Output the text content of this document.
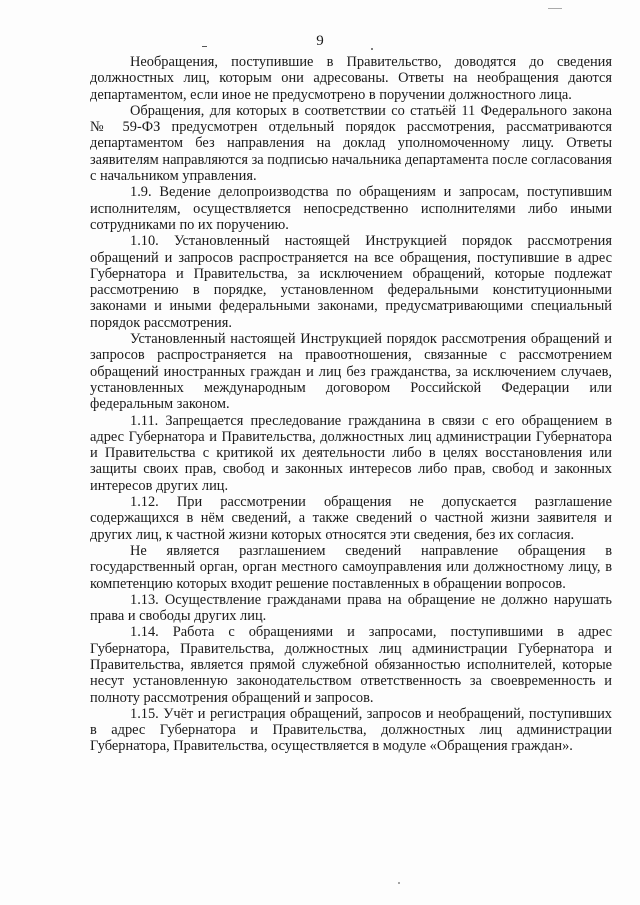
9

Необращения, поступившие в Правительство, доводятся до сведения должностных лиц, которым они адресованы. Ответы на необращения даются департаментом, если иное не предусмотрено в поручении должностного лица.

Обращения, для которых в соответствии со статьёй 11 Федерального закона № 59-ФЗ предусмотрен отдельный порядок рассмотрения, рассматриваются департаментом без направления на доклад уполномоченному лицу. Ответы заявителям направляются за подписью начальника департамента после согласования с начальником управления.

1.9. Ведение делопроизводства по обращениям и запросам, поступившим исполнителям, осуществляется непосредственно исполнителями либо иными сотрудниками по их поручению.

1.10. Установленный настоящей Инструкцией порядок рассмотрения обращений и запросов распространяется на все обращения, поступившие в адрес Губернатора и Правительства, за исключением обращений, которые подлежат рассмотрению в порядке, установленном федеральными конституционными законами и иными федеральными законами, предусматривающими специальный порядок рассмотрения.

Установленный настоящей Инструкцией порядок рассмотрения обращений и запросов распространяется на правоотношения, связанные с рассмотрением обращений иностранных граждан и лиц без гражданства, за исключением случаев, установленных международным договором Российской Федерации или федеральным законом.

1.11. Запрещается преследование гражданина в связи с его обращением в адрес Губернатора и Правительства, должностных лиц администрации Губернатора и Правительства с критикой их деятельности либо в целях восстановления или защиты своих прав, свобод и законных интересов либо прав, свобод и законных интересов других лиц.

1.12. При рассмотрении обращения не допускается разглашение содержащихся в нём сведений, а также сведений о частной жизни заявителя и других лиц, к частной жизни которых относятся эти сведения, без их согласия.

Не является разглашением сведений направление обращения в государственный орган, орган местного самоуправления или должностному лицу, в компетенцию которых входит решение поставленных в обращении вопросов.

1.13. Осуществление гражданами права на обращение не должно нарушать права и свободы других лиц.

1.14. Работа с обращениями и запросами, поступившими в адрес Губернатора, Правительства, должностных лиц администрации Губернатора и Правительства, является прямой служебной обязанностью исполнителей, которые несут установленную законодательством ответственность за своевременность и полноту рассмотрения обращений и запросов.

1.15. Учёт и регистрация обращений, запросов и необращений, поступивших в адрес Губернатора и Правительства, должностных лиц администрации Губернатора, Правительства, осуществляется в модуле «Обращения граждан».
